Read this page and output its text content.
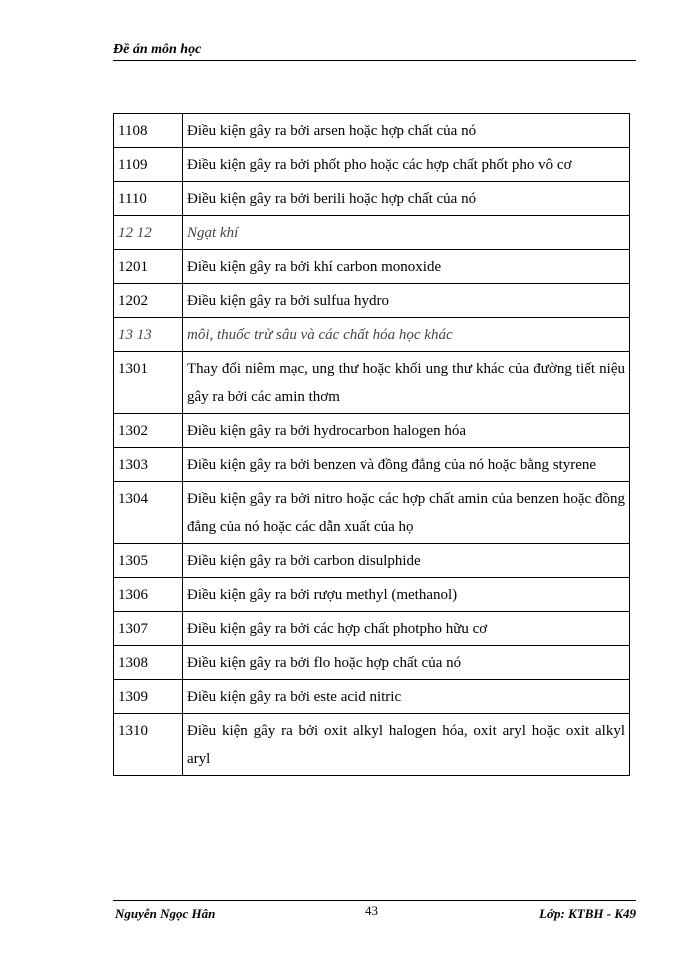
Đề án môn học
1108	Điều kiện gây ra bởi arsen hoặc hợp chất của nó
1109	Điều kiện gây ra bởi phốt pho hoặc các hợp chất phốt pho vô cơ
1110	Điều kiện gây ra bởi berili hoặc hợp chất của nó
12 12	Ngạt khí
1201	Điều kiện gây ra bởi khí carbon monoxide
1202	Điều kiện gây ra bởi sulfua hydro
13 13	môi, thuốc trừ sâu và các chất hóa học khác
1301	Thay đổi niêm mạc, ung thư hoặc khối ung thư khác của đường tiết niệu gây ra bởi các amin thơm
1302	Điều kiện gây ra bởi hydrocarbon halogen hóa
1303	Điều kiện gây ra bởi benzen và đồng đẳng của nó hoặc bằng styrene
1304	Điều kiện gây ra bởi nitro hoặc các hợp chất amin của benzen hoặc đồng đẳng của nó hoặc các dẫn xuất của họ
1305	Điều kiện gây ra bởi carbon disulphide
1306	Điều kiện gây ra bởi rượu methyl (methanol)
1307	Điều kiện gây ra bởi các hợp chất photpho hữu cơ
1308	Điều kiện gây ra bởi flo hoặc hợp chất của nó
1309	Điều kiện gây ra bởi este acid nitric
1310	Điều kiện gây ra bởi oxit alkyl halogen hóa, oxit aryl hoặc oxit alkyl aryl
Nguyễn Ngọc Hân	43	Lớp: KTBH - K49
